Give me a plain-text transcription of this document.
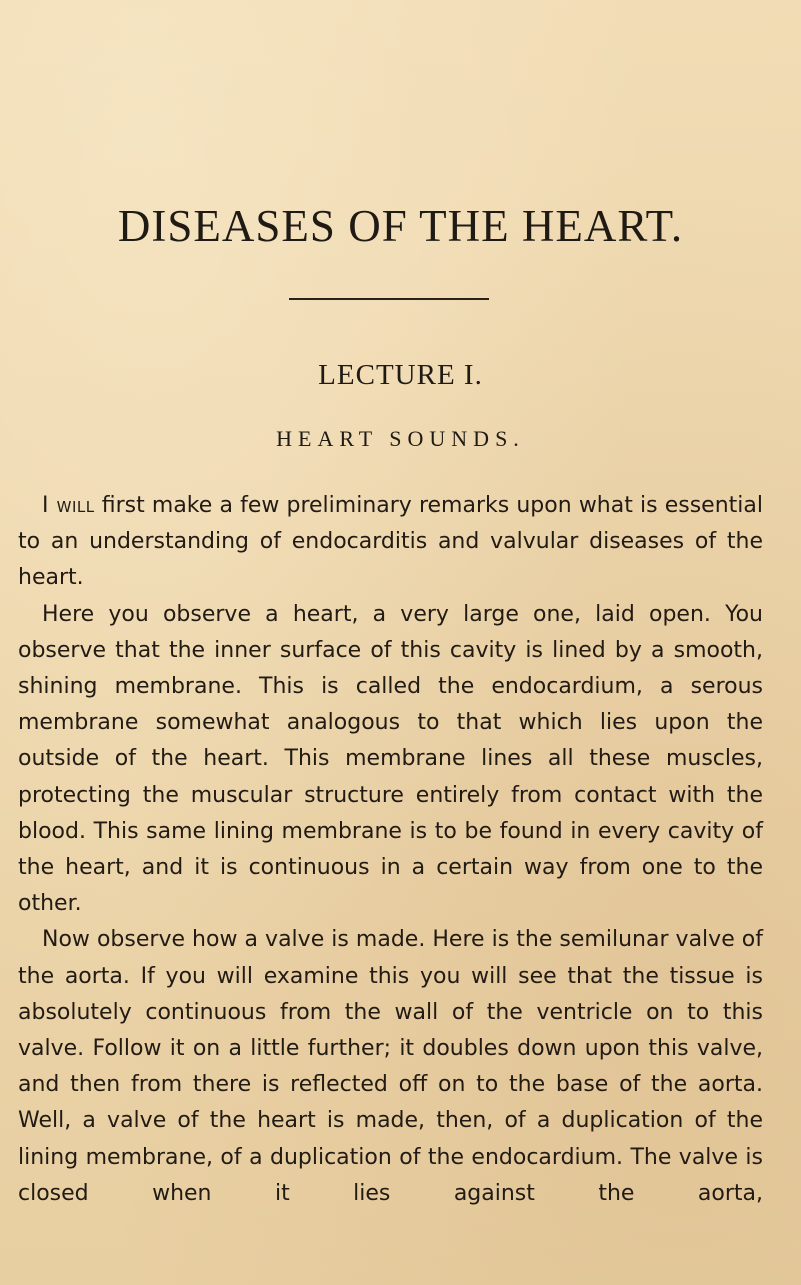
DISEASES OF THE HEART.
LECTURE I.
HEART SOUNDS.

I will first make a few preliminary remarks upon what is essential to an understanding of endocarditis and valvular diseases of the heart.

Here you observe a heart, a very large one, laid open. You observe that the inner surface of this cavity is lined by a smooth, shining membrane. This is called the endocardium, a serous membrane somewhat analogous to that which lies upon the outside of the heart. This membrane lines all these muscles, protecting the muscular structure entirely from contact with the blood. This same lining membrane is to be found in every cavity of the heart, and it is continuous in a certain way from one to the other.

Now observe how a valve is made. Here is the semilunar valve of the aorta. If you will examine this you will see that the tissue is absolutely continuous from the wall of the ventricle on to this valve. Follow it on a little further; it doubles down upon this valve, and then from there is reflected off on to the base of the aorta. Well, a valve of the heart is made, then, of a duplication of the lining membrane, of a duplication of the endocardium. The valve is closed when it lies against the aorta,
